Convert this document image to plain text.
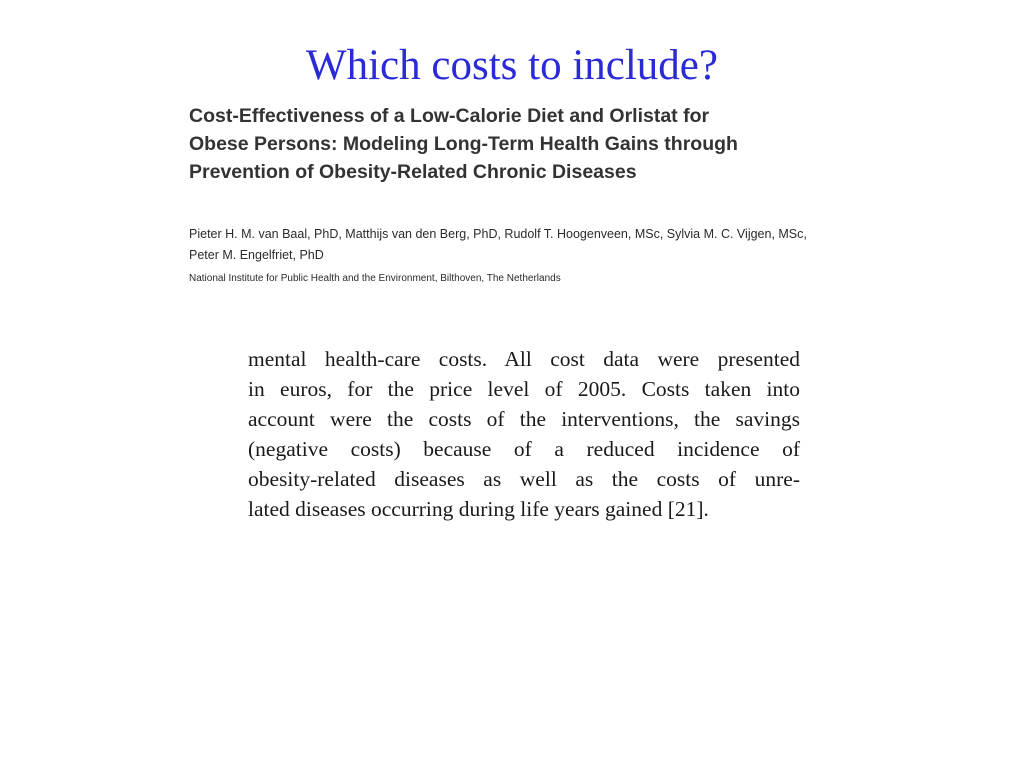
Which costs to include?
Cost-Effectiveness of a Low-Calorie Diet and Orlistat for
Obese Persons: Modeling Long-Term Health Gains through
Prevention of Obesity-Related Chronic Diseases
Pieter H. M. van Baal, PhD, Matthijs van den Berg, PhD, Rudolf T. Hoogenveen, MSc, Sylvia M. C. Vijgen, MSc,
Peter M. Engelfriet, PhD
National Institute for Public Health and the Environment, Bilthoven, The Netherlands
mental health-care costs. All cost data were presented
in euros, for the price level of 2005. Costs taken into
account were the costs of the interventions, the savings
(negative costs) because of a reduced incidence of
obesity-related diseases as well as the costs of unre-
lated diseases occurring during life years gained [21].
